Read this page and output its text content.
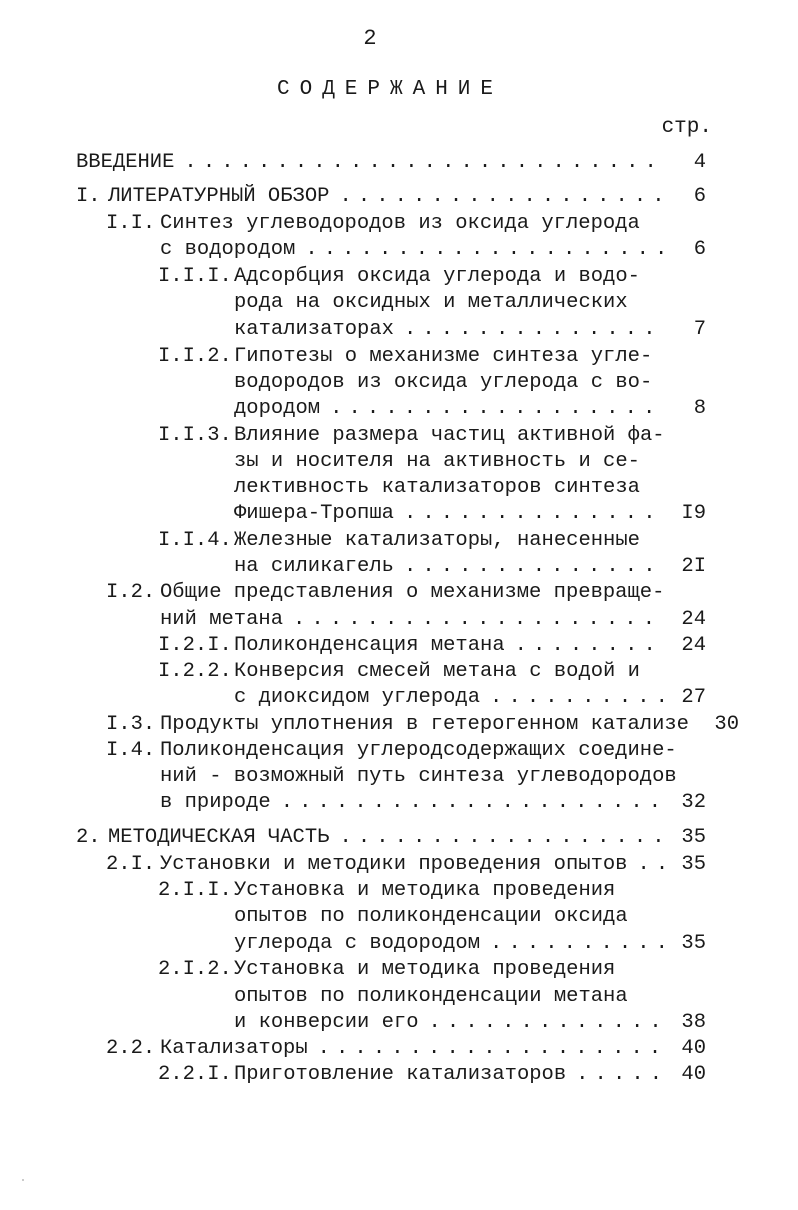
2
СОДЕРЖАНИЕ
стр.
ВВЕДЕНИЕ . . .	4
I. ЛИТЕРАТУРНЫЙ ОБЗОР . . .	6
I.I. Синтез углеводородов из оксида углерода
с водородом . . .	6
I.I.I. Адсорбция оксида углерода и водо-
рода на оксидных и металлических
катализаторах . . .	7
I.I.2. Гипотезы о механизме синтеза угле-
водородов из оксида углерода с во-
дородом . . .	8
I.I.3. Влияние размера частиц активной фа-
зы и носителя на активность и се-
лективность катализаторов синтеза
Фишера-Тропша . . .	I9
I.I.4. Железные катализаторы, нанесенные
на силикагель . . .	2I
I.2. Общие представления о механизме превраще-
ний метана . . .	24
I.2.I. Поликонденсация метана . . .	24
I.2.2. Конверсия смесей метана с водой и
с диоксидом углерода . . .	27
I.3. Продукты уплотнения в гетерогенном катализе	30
I.4. Поликонденсация углеродсодержащих соедине-
ний - возможный путь синтеза углеводородов
в природе . . .	32
2. МЕТОДИЧЕСКАЯ ЧАСТЬ . . .	35
2.I. Установки и методики проведения опытов . . .	35
2.I.I. Установка и методика проведения
опытов по поликонденсации оксида
углерода с водородом . . .	35
2.I.2. Установка и методика проведения
опытов по поликонденсации метана
и конверсии его . . .	38
2.2. Катализаторы . . .	40
2.2.I. Приготовление катализаторов . . .	40
